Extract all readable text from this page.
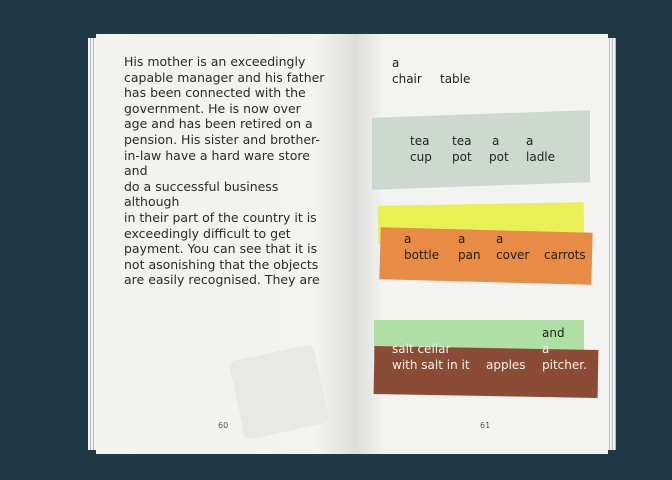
His mother is an exceedingly
capable manager and his father
has been connected with the
government. He is now over
age and has been retired on a
pension. His sister and brother-
in-law have a hard ware store and
do a successful business although
in their part of the country it is
exceedingly difficult to get
payment. You can see that it is
not asonishing that the objects
are easily recognised. They are
60
a
chair table
tea tea a a
cup pot pot ladle
a	a	a
bottle pan cover carrots
and
salt cellar	a
with salt in it apples pitcher.
61
